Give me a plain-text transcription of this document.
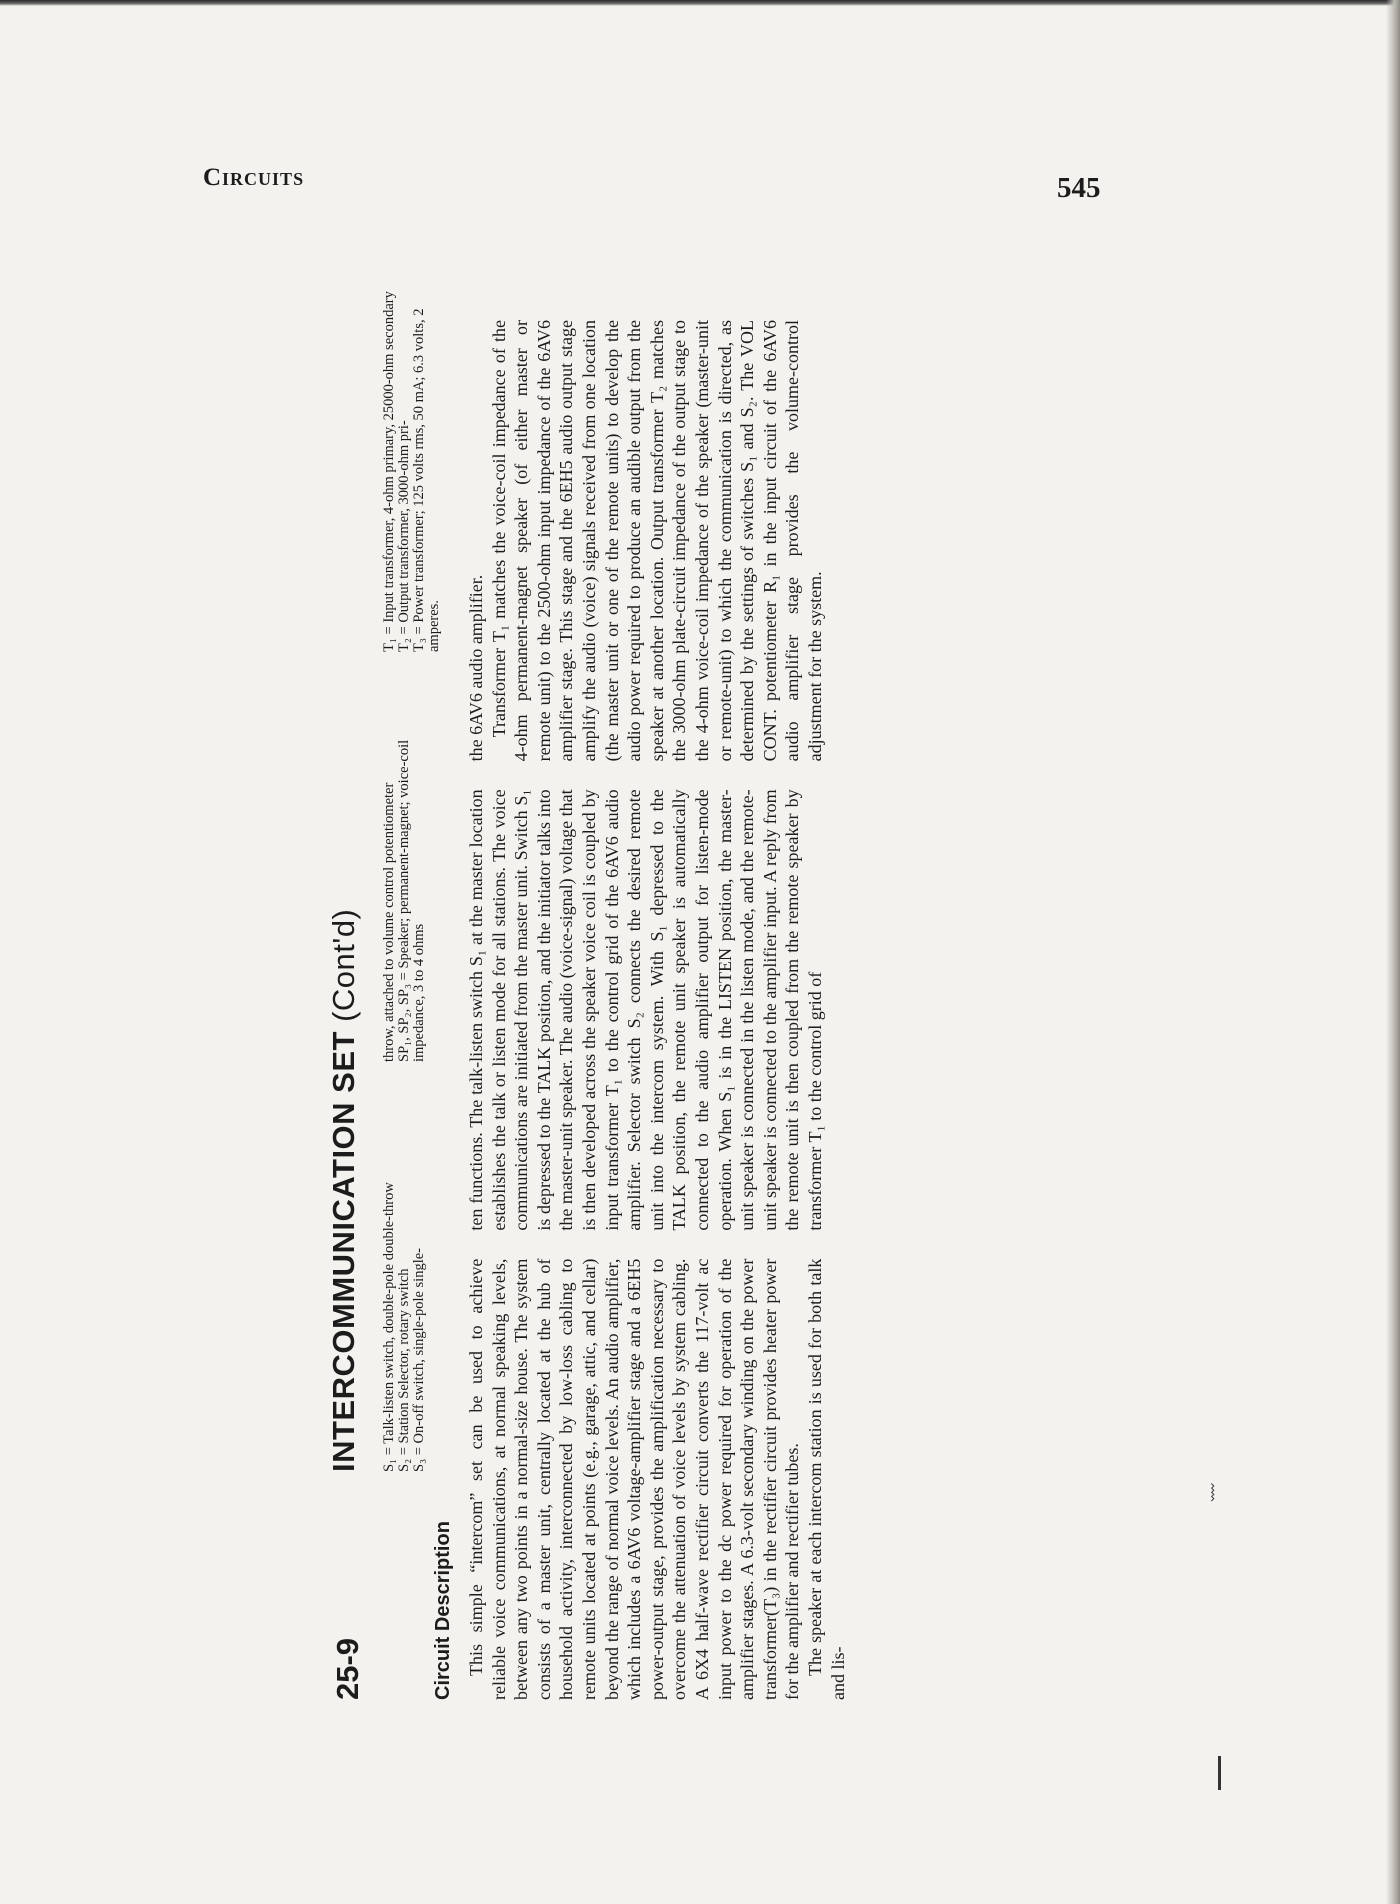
Circuits	545
⧘
25-9
INTERCOMMUNICATION SET (Cont'd)

S₁ = Talk-listen switch, double-pole double-throw S₂ = Station Selector, rotary switch S₃ = On-off switch, single-pole single-

throw, attached to volume control potentiometer SP₁, SP₂, SP₃ = Speaker; permanent-magnet; voice-coil impedance, 3 to 4 ohms

T₁ = Input transformer, 4-ohm primary, 25000-ohm secondary T₂ = Output transformer, 3000-ohm pri- T₃ = Power transformer; 125 volts rms, 50 mA; 6.3 volts, 2 amperes.

Circuit Description This simple “intercom” set can be used to achieve reliable voice communications, at normal speaking levels, between any two points in a normal-size house. The system consists of a master unit, centrally located at the hub of household activity, interconnected by low-loss cabling to remote units located at points (e.g., garage, attic, and cellar) beyond the range of normal voice levels. An audio amplifier, which includes a 6AV6 voltage-amplifier stage and a 6EH5 power-output stage, provides the amplification necessary to overcome the attenuation of voice levels by system cabling. A 6X4 half-wave rectifier circuit converts the 117-volt ac input power to the dc power required for operation of the amplifier stages. A 6.3-volt secondary winding on the power transformer(T₃) in the rectifier circuit provides heater power for the amplifier and rectifier tubes. The speaker at each intercom station is used for both talk and lis-

ten functions. The talk-listen switch S₁ at the master location establishes the talk or listen mode for all stations. The voice communications are initiated from the master unit. Switch S₁ is depressed to the TALK position, and the initiator talks into the master-unit speaker. The audio (voice-signal) voltage that is then developed across the speaker voice coil is coupled by input transformer T₁ to the control grid of the 6AV6 audio amplifier. Selector switch S₂ connects the desired remote unit into the intercom system. With S₁ depressed to the TALK position, the remote unit speaker is automatically connected to the audio amplifier output for listen-mode operation. When S₁ is in the LISTEN position, the master-unit speaker is connected in the listen mode, and the remote-unit speaker is connected to the amplifier input. A reply from the remote unit is then coupled from the remote speaker by transformer T₁ to the control grid of

the 6AV6 audio amplifier. Transformer T₁ matches the voice-coil impedance of the 4-ohm permanent-magnet speaker (of either master or remote unit) to the 2500-ohm input impedance of the 6AV6 amplifier stage. This stage and the 6EH5 audio output stage amplify the audio (voice) signals received from one location (the master unit or one of the remote units) to develop the audio power required to produce an audible output from the speaker at another location. Output transformer T₂ matches the 3000-ohm plate-circuit impedance of the output stage to the 4-ohm voice-coil impedance of the speaker (master-unit or remote-unit) to which the communication is directed, as determined by the settings of switches S₁ and S₂. The VOL CONT. potentiometer R₁ in the input circuit of the 6AV6 audio amplifier stage provides the volume-control adjustment for the system.
